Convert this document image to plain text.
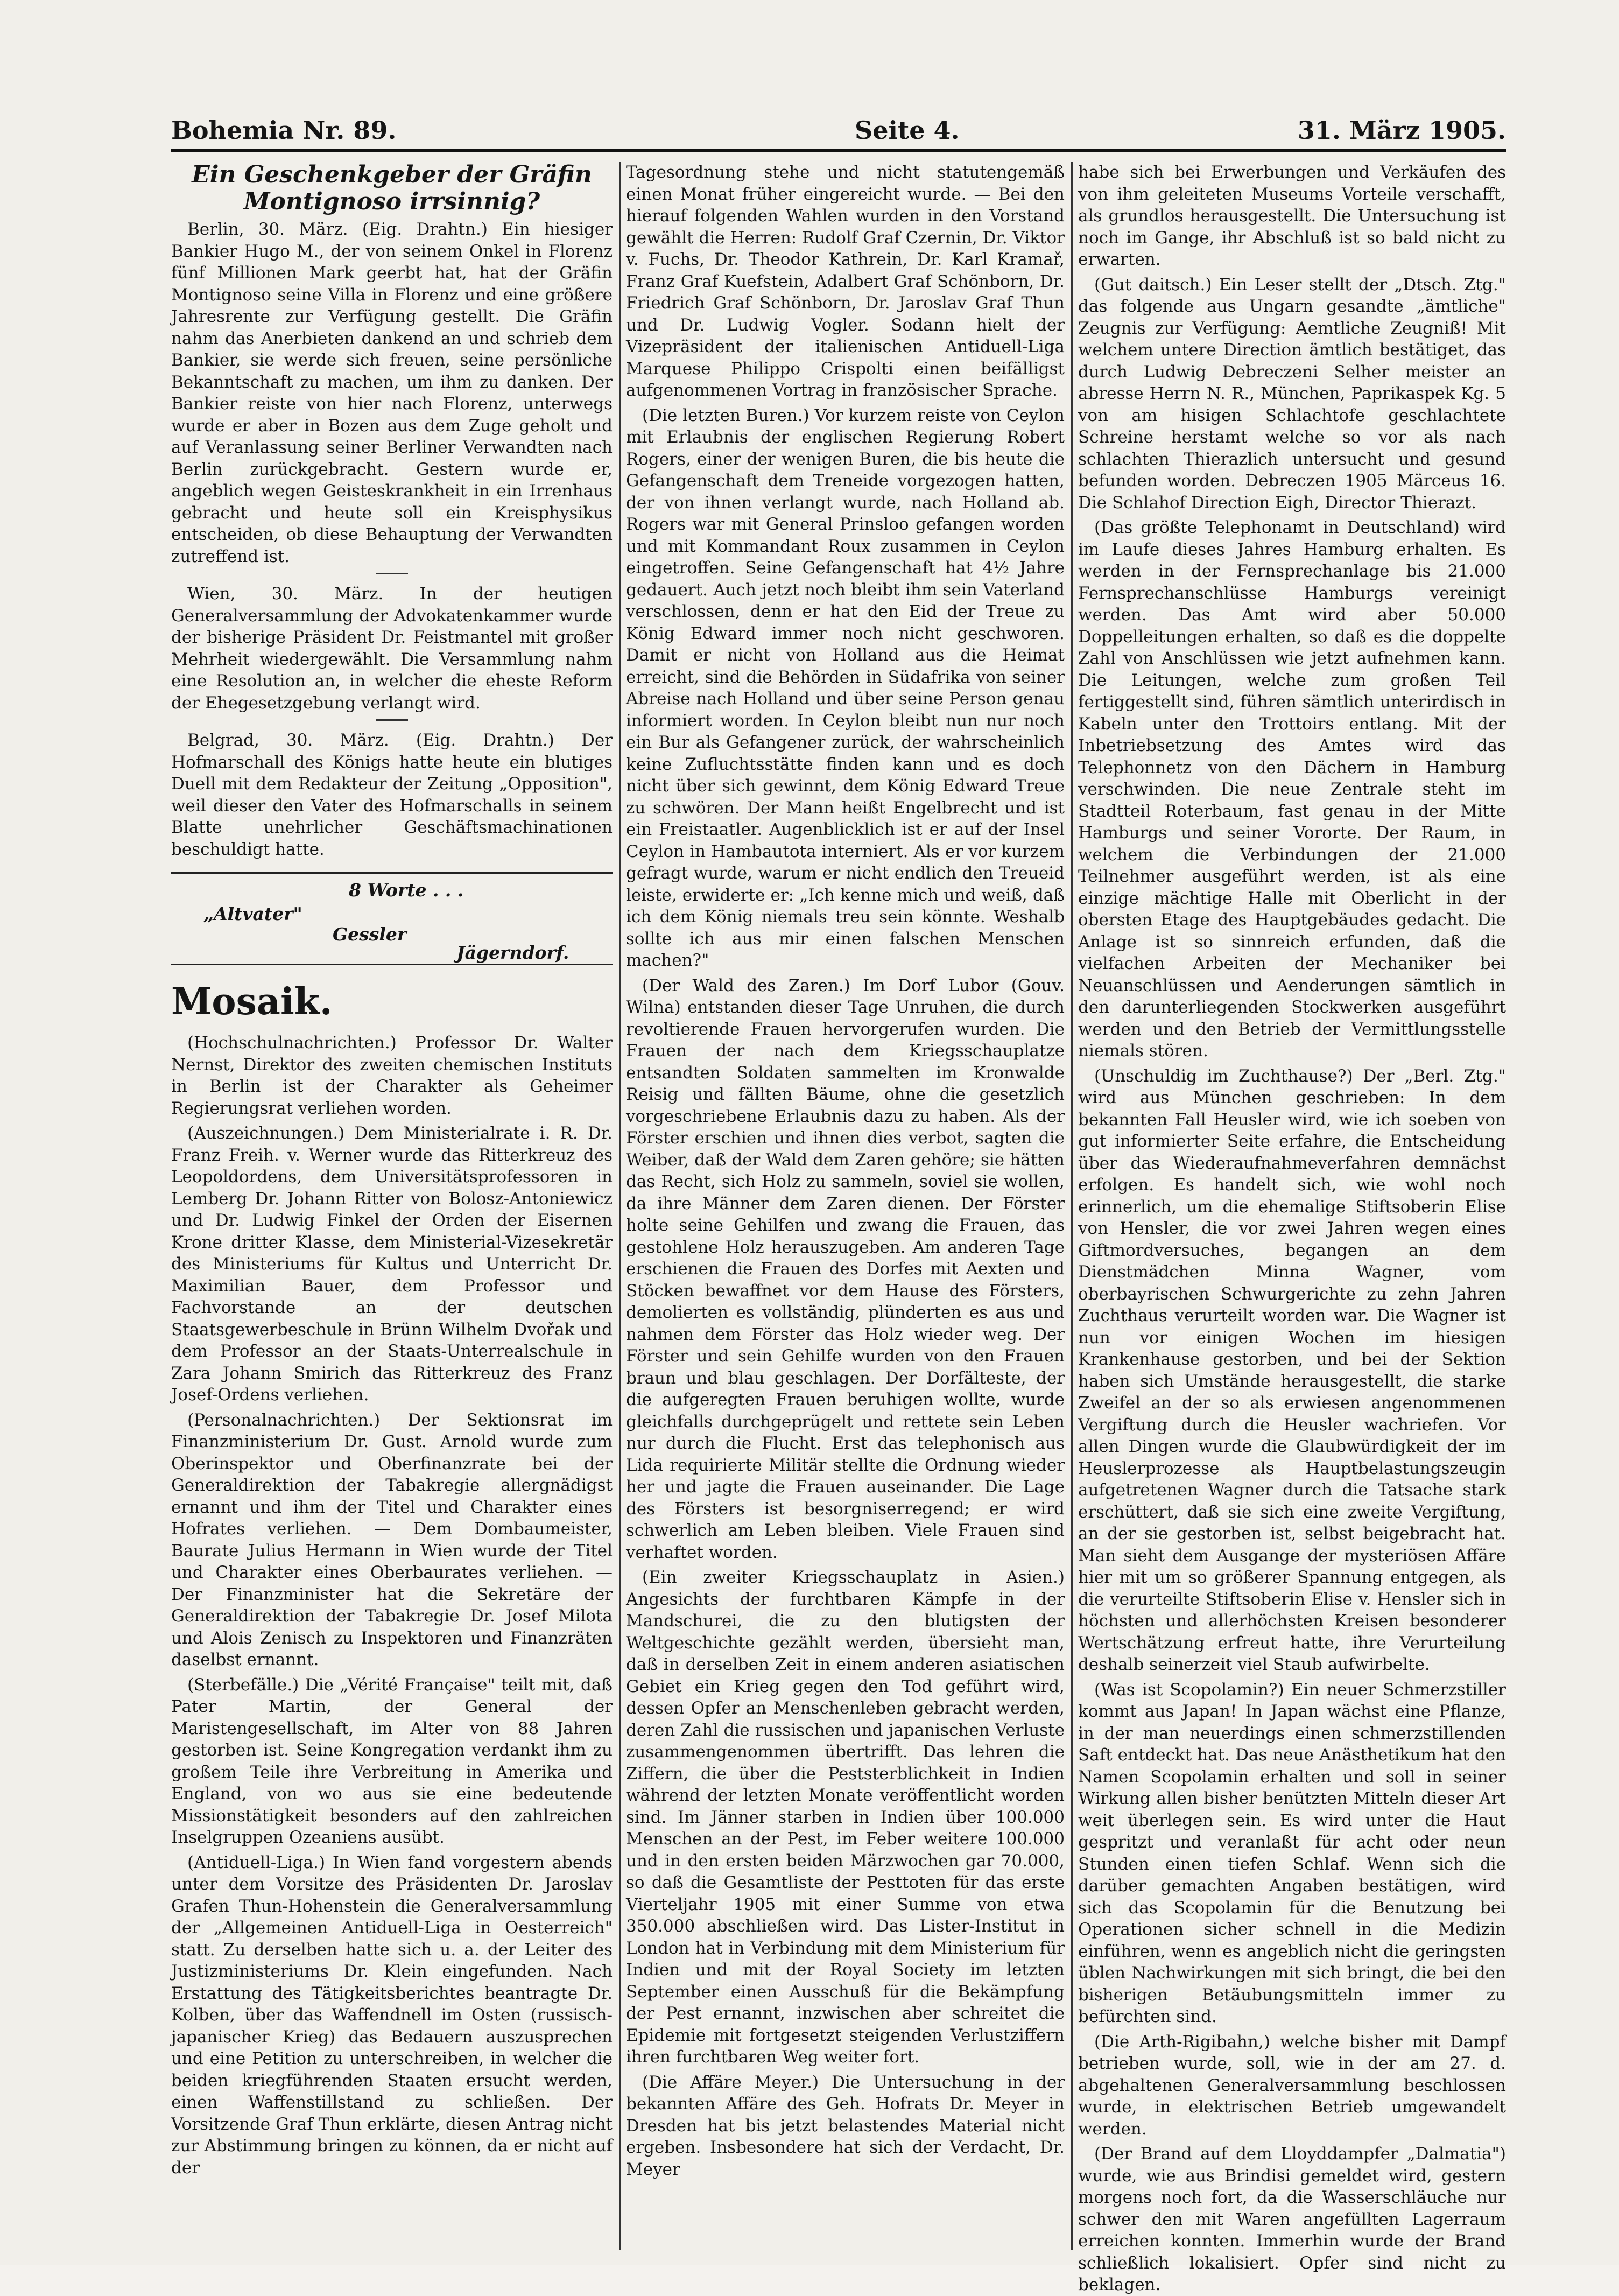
Bohemia Nr. 89.	Seite 4.	31. März 1905.
Ein Geschenkgeber der Gräfin Montignoso irrsinnig?

Berlin, 30. März. (Eig. Drahtn.) Ein hiesiger Bankier Hugo M., der von seinem Onkel in Florenz fünf Millionen Mark geerbt hat, hat der Gräfin Montignoso seine Villa in Florenz und eine größere Jahresrente zur Verfügung gestellt. Die Gräfin nahm das Anerbieten dankend an und schrieb dem Bankier, sie werde sich freuen, seine persönliche Bekanntschaft zu machen, um ihm zu danken. Der Bankier reiste von hier nach Florenz, unterwegs wurde er aber in Bozen aus dem Zuge geholt und auf Veranlassung seiner Berliner Verwandten nach Berlin zurückgebracht. Gestern wurde er, angeblich wegen Geisteskrankheit in ein Irrenhaus gebracht und heute soll ein Kreisphysikus entscheiden, ob diese Behauptung der Verwandten zutreffend ist.

Wien, 30. März. In der heutigen Generalversammlung der Advokatenkammer wurde der bisherige Präsident Dr. Feistmantel mit großer Mehrheit wiedergewählt. Die Versammlung nahm eine Resolution an, in welcher die eheste Reform der Ehegesetzgebung verlangt wird.

Belgrad, 30. März. (Eig. Drahtn.) Der Hofmarschall des Königs hatte heute ein blutiges Duell mit dem Redakteur der Zeitung „Opposition", weil dieser den Vater des Hofmarschalls in seinem Blatte unehrlicher Geschäftsmachinationen beschuldigt hatte.

8 Worte . . .
„Altvater"
Gessler
Jägerndorf.
Mosaik.

(Hochschulnachrichten.) Professor Dr. Walter Nernst, Direktor des zweiten chemischen Instituts in Berlin ist der Charakter als Geheimer Regierungsrat verliehen worden.

(Auszeichnungen.) Dem Ministerialrate i. R. Dr. Franz Freih. v. Werner wurde das Ritterkreuz des Leopoldordens, dem Universitätsprofessoren in Lemberg Dr. Johann Ritter von Bolosz-Antoniewicz und Dr. Ludwig Finkel der Orden der Eisernen Krone dritter Klasse, dem Ministerial-Vizesekretär des Ministeriums für Kultus und Unterricht Dr. Maximilian Bauer, dem Professor und Fachvorstande an der deutschen Staatsgewerbeschule in Brünn Wilhelm Dvořak und dem Professor an der Staats-Unterrealschule in Zara Johann Smirich das Ritterkreuz des Franz Josef-Ordens verliehen.

(Personalnachrichten.) Der Sektionsrat im Finanzministerium Dr. Gust. Arnold wurde zum Oberinspektor und Oberfinanzrate bei der Generaldirektion der Tabakregie allergnädigst ernannt und ihm der Titel und Charakter eines Hofrates verliehen. — Dem Dombaumeister, Baurate Julius Hermann in Wien wurde der Titel und Charakter eines Oberbaurates verliehen. — Der Finanzminister hat die Sekretäre der Generaldirektion der Tabakregie Dr. Josef Milota und Alois Zenisch zu Inspektoren und Finanzräten daselbst ernannt.

(Sterbefälle.) Die „Vérité Française" teilt mit, daß Pater Martin, der General der Maristengesellschaft, im Alter von 88 Jahren gestorben ist. Seine Kongregation verdankt ihm zu großem Teile ihre Verbreitung in Amerika und England, von wo aus sie eine bedeutende Missionstätigkeit besonders auf den zahlreichen Inselgruppen Ozeaniens ausübt.

(Antiduell-Liga.) In Wien fand vorgestern abends unter dem Vorsitze des Präsidenten Dr. Jaroslav Grafen Thun-Hohenstein die Generalversammlung der „Allgemeinen Antiduell-Liga in Oesterreich" statt. Zu derselben hatte sich u. a. der Leiter des Justizministeriums Dr. Klein eingefunden. Nach Erstattung des Tätigkeitsberichtes beantragte Dr. Kolben, über das Waffendnell im Osten (russisch-japanischer Krieg) das Bedauern auszusprechen und eine Petition zu unterschreiben, in welcher die beiden kriegführenden Staaten ersucht werden, einen Waffenstillstand zu schließen. Der Vorsitzende Graf Thun erklärte, diesen Antrag nicht zur Abstimmung bringen zu können, da er nicht auf der

Tagesordnung stehe und nicht statutengemäß einen Monat früher eingereicht wurde. — Bei den hierauf folgenden Wahlen wurden in den Vorstand gewählt die Herren: Rudolf Graf Czernin, Dr. Viktor v. Fuchs, Dr. Theodor Kathrein, Dr. Karl Kramař, Franz Graf Kuefstein, Adalbert Graf Schönborn, Dr. Friedrich Graf Schönborn, Dr. Jaroslav Graf Thun und Dr. Ludwig Vogler. Sodann hielt der Vizepräsident der italienischen Antiduell-Liga Marquese Philippo Crispolti einen beifälligst aufgenommenen Vortrag in französischer Sprache.

(Die letzten Buren.) Vor kurzem reiste von Ceylon mit Erlaubnis der englischen Regierung Robert Rogers, einer der wenigen Buren, die bis heute die Gefangenschaft dem Treneide vorgezogen hatten, der von ihnen verlangt wurde, nach Holland ab. Rogers war mit General Prinsloo gefangen worden und mit Kommandant Roux zusammen in Ceylon eingetroffen. Seine Gefangenschaft hat 4½ Jahre gedauert. Auch jetzt noch bleibt ihm sein Vaterland verschlossen, denn er hat den Eid der Treue zu König Edward immer noch nicht geschworen. Damit er nicht von Holland aus die Heimat erreicht, sind die Behörden in Südafrika von seiner Abreise nach Holland und über seine Person genau informiert worden. In Ceylon bleibt nun nur noch ein Bur als Gefangener zurück, der wahrscheinlich keine Zufluchtsstätte finden kann und es doch nicht über sich gewinnt, dem König Edward Treue zu schwören. Der Mann heißt Engelbrecht und ist ein Freistaatler. Augenblicklich ist er auf der Insel Ceylon in Hambautota interniert. Als er vor kurzem gefragt wurde, warum er nicht endlich den Treueid leiste, erwiderte er: „Ich kenne mich und weiß, daß ich dem König niemals treu sein könnte. Weshalb sollte ich aus mir einen falschen Menschen machen?"

(Der Wald des Zaren.) Im Dorf Lubor (Gouv. Wilna) entstanden dieser Tage Unruhen, die durch revoltierende Frauen hervorgerufen wurden. Die Frauen der nach dem Kriegsschauplatze entsandten Soldaten sammelten im Kronwalde Reisig und fällten Bäume, ohne die gesetzlich vorgeschriebene Erlaubnis dazu zu haben. Als der Förster erschien und ihnen dies verbot, sagten die Weiber, daß der Wald dem Zaren gehöre; sie hätten das Recht, sich Holz zu sammeln, soviel sie wollen, da ihre Männer dem Zaren dienen. Der Förster holte seine Gehilfen und zwang die Frauen, das gestohlene Holz herauszugeben. Am anderen Tage erschienen die Frauen des Dorfes mit Aexten und Stöcken bewaffnet vor dem Hause des Försters, demolierten es vollständig, plünderten es aus und nahmen dem Förster das Holz wieder weg. Der Förster und sein Gehilfe wurden von den Frauen braun und blau geschlagen. Der Dorfälteste, der die aufgeregten Frauen beruhigen wollte, wurde gleichfalls durchgeprügelt und rettete sein Leben nur durch die Flucht. Erst das telephonisch aus Lida requirierte Militär stellte die Ordnung wieder her und jagte die Frauen auseinander. Die Lage des Försters ist besorgniserregend; er wird schwerlich am Leben bleiben. Viele Frauen sind verhaftet worden.

(Ein zweiter Kriegsschauplatz in Asien.) Angesichts der furchtbaren Kämpfe in der Mandschurei, die zu den blutigsten der Weltgeschichte gezählt werden, übersieht man, daß in derselben Zeit in einem anderen asiatischen Gebiet ein Krieg gegen den Tod geführt wird, dessen Opfer an Menschenleben gebracht werden, deren Zahl die russischen und japanischen Verluste zusammengenommen übertrifft. Das lehren die Ziffern, die über die Peststerblichkeit in Indien während der letzten Monate veröffentlicht worden sind. Im Jänner starben in Indien über 100.000 Menschen an der Pest, im Feber weitere 100.000 und in den ersten beiden Märzwochen gar 70.000, so daß die Gesamtliste der Pesttoten für das erste Vierteljahr 1905 mit einer Summe von etwa 350.000 abschließen wird. Das Lister-Institut in London hat in Verbindung mit dem Ministerium für Indien und mit der Royal Society im letzten September einen Ausschuß für die Bekämpfung der Pest ernannt, inzwischen aber schreitet die Epidemie mit fortgesetzt steigenden Verlustziffern ihren furchtbaren Weg weiter fort.

(Die Affäre Meyer.) Die Untersuchung in der bekannten Affäre des Geh. Hofrats Dr. Meyer in Dresden hat bis jetzt belastendes Material nicht ergeben. Insbesondere hat sich der Verdacht, Dr. Meyer

habe sich bei Erwerbungen und Verkäufen des von ihm geleiteten Museums Vorteile verschafft, als grundlos herausgestellt. Die Untersuchung ist noch im Gange, ihr Abschluß ist so bald nicht zu erwarten.

(Gut daitsch.) Ein Leser stellt der „Dtsch. Ztg." das folgende aus Ungarn gesandte „ämtliche" Zeugnis zur Verfügung: Aemtliche Zeugniß! Mit welchem untere Direction ämtlich bestätiget, das durch Ludwig Debreczeni Selher meister an abresse Herrn N. R., München, Paprikaspek Kg. 5 von am hisigen Schlachtofe geschlachtete Schreine herstamt welche so vor als nach schlachten Thierazlich untersucht und gesund befunden worden. Debreczen 1905 Märceus 16. Die Schlahof Direction Eigh, Director Thierazt.

(Das größte Telephonamt in Deutschland) wird im Laufe dieses Jahres Hamburg erhalten. Es werden in der Fernsprechanlage bis 21.000 Fernsprechanschlüsse Hamburgs vereinigt werden. Das Amt wird aber 50.000 Doppelleitungen erhalten, so daß es die doppelte Zahl von Anschlüssen wie jetzt aufnehmen kann. Die Leitungen, welche zum großen Teil fertiggestellt sind, führen sämtlich unterirdisch in Kabeln unter den Trottoirs entlang. Mit der Inbetriebsetzung des Amtes wird das Telephonnetz von den Dächern in Hamburg verschwinden. Die neue Zentrale steht im Stadtteil Roterbaum, fast genau in der Mitte Hamburgs und seiner Vororte. Der Raum, in welchem die Verbindungen der 21.000 Teilnehmer ausgeführt werden, ist als eine einzige mächtige Halle mit Oberlicht in der obersten Etage des Hauptgebäudes gedacht. Die Anlage ist so sinnreich erfunden, daß die vielfachen Arbeiten der Mechaniker bei Neuanschlüssen und Aenderungen sämtlich in den darunterliegenden Stockwerken ausgeführt werden und den Betrieb der Vermittlungsstelle niemals stören.

(Unschuldig im Zuchthause?) Der „Berl. Ztg." wird aus München geschrieben: In dem bekannten Fall Heusler wird, wie ich soeben von gut informierter Seite erfahre, die Entscheidung über das Wiederaufnahmeverfahren demnächst erfolgen. Es handelt sich, wie wohl noch erinnerlich, um die ehemalige Stiftsoberin Elise von Hensler, die vor zwei Jahren wegen eines Giftmordversuches, begangen an dem Dienstmädchen Minna Wagner, vom oberbayrischen Schwurgerichte zu zehn Jahren Zuchthaus verurteilt worden war. Die Wagner ist nun vor einigen Wochen im hiesigen Krankenhause gestorben, und bei der Sektion haben sich Umstände herausgestellt, die starke Zweifel an der so als erwiesen angenommenen Vergiftung durch die Heusler wachriefen. Vor allen Dingen wurde die Glaubwürdigkeit der im Heuslerprozesse als Hauptbelastungszeugin aufgetretenen Wagner durch die Tatsache stark erschüttert, daß sie sich eine zweite Vergiftung, an der sie gestorben ist, selbst beigebracht hat. Man sieht dem Ausgange der mysteriösen Affäre hier mit um so größerer Spannung entgegen, als die verurteilte Stiftsoberin Elise v. Hensler sich in höchsten und allerhöchsten Kreisen besonderer Wertschätzung erfreut hatte, ihre Verurteilung deshalb seinerzeit viel Staub aufwirbelte.

(Was ist Scopolamin?) Ein neuer Schmerzstiller kommt aus Japan! In Japan wächst eine Pflanze, in der man neuerdings einen schmerzstillenden Saft entdeckt hat. Das neue Anästhetikum hat den Namen Scopolamin erhalten und soll in seiner Wirkung allen bisher benützten Mitteln dieser Art weit überlegen sein. Es wird unter die Haut gespritzt und veranlaßt für acht oder neun Stunden einen tiefen Schlaf. Wenn sich die darüber gemachten Angaben bestätigen, wird sich das Scopolamin für die Benutzung bei Operationen sicher schnell in die Medizin einführen, wenn es angeblich nicht die geringsten üblen Nachwirkungen mit sich bringt, die bei den bisherigen Betäubungsmitteln immer zu befürchten sind.

(Die Arth-Rigibahn,) welche bisher mit Dampf betrieben wurde, soll, wie in der am 27. d. abgehaltenen Generalversammlung beschlossen wurde, in elektrischen Betrieb umgewandelt werden.

(Der Brand auf dem Lloyddampfer „Dalmatia") wurde, wie aus Brindisi gemeldet wird, gestern morgens noch fort, da die Wasserschläuche nur schwer den mit Waren angefüllten Lagerraum erreichen konnten. Immerhin wurde der Brand schließlich lokalisiert. Opfer sind nicht zu beklagen.
